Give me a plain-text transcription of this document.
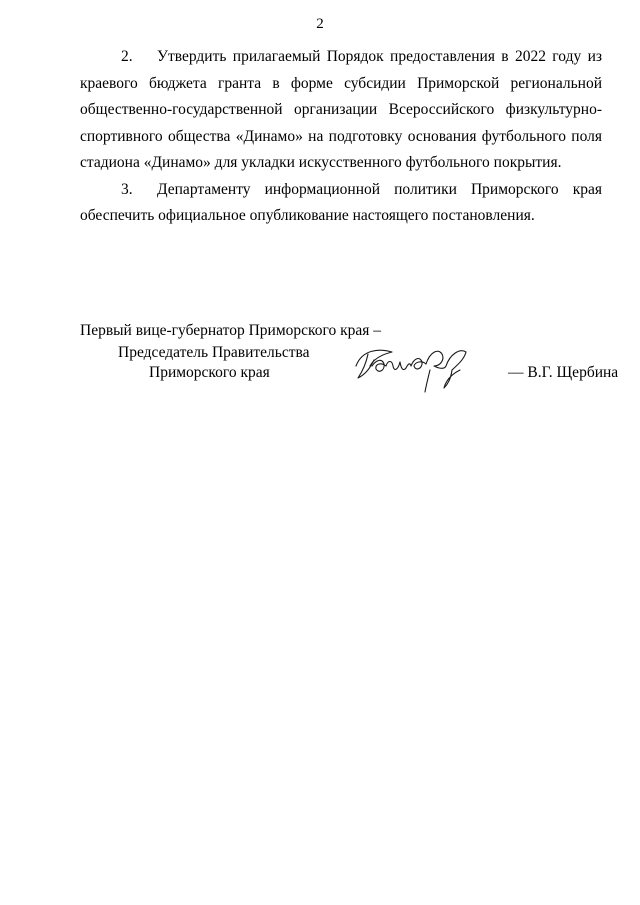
2

2. Утвердить прилагаемый Порядок предоставления в 2022 году из краевого бюджета гранта в форме субсидии Приморской региональной общественно-государственной организации Всероссийского физкультурно-спортивного общества «Динамо» на подготовку основания футбольного поля стадиона «Динамо» для укладки искусственного футбольного покрытия.

3. Департаменту информационной политики Приморского края обеспечить официальное опубликование настоящего постановления.

Первый вице-губернатор Приморского края –
Председатель Правительства
Приморского края	— В.Г. Щербина
